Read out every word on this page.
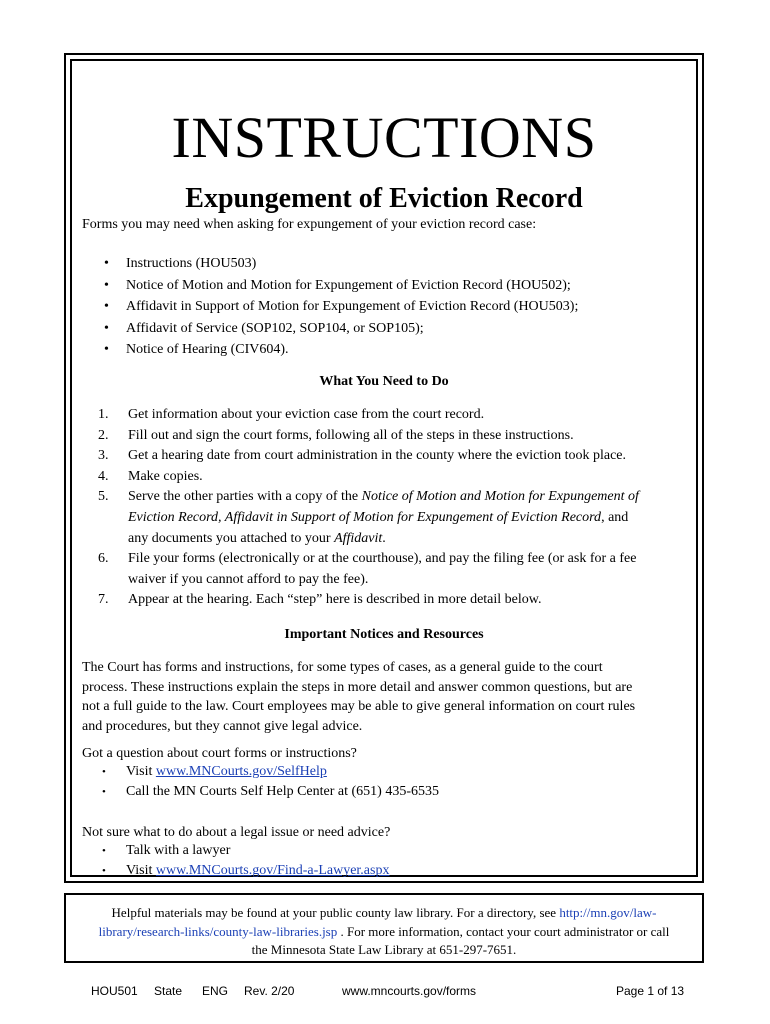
INSTRUCTIONS
Expungement of Eviction Record
Forms you may need when asking for expungement of your eviction record case:
• Instructions (HOU503)
• Notice of Motion and Motion for Expungement of Eviction Record (HOU502);
• Affidavit in Support of Motion for Expungement of Eviction Record (HOU503);
• Affidavit of Service (SOP102, SOP104, or SOP105);
• Notice of Hearing (CIV604).
What You Need to Do
1. Get information about your eviction case from the court record.
2. Fill out and sign the court forms, following all of the steps in these instructions.
3. Get a hearing date from court administration in the county where the eviction took place.
4. Make copies.
5. Serve the other parties with a copy of the Notice of Motion and Motion for Expungement of
Eviction Record, Affidavit in Support of Motion for Expungement of Eviction Record, and
any documents you attached to your Affidavit.
6. File your forms (electronically or at the courthouse), and pay the filing fee (or ask for a fee
waiver if you cannot afford to pay the fee).
7. Appear at the hearing. Each “step” here is described in more detail below.
Important Notices and Resources
The Court has forms and instructions, for some types of cases, as a general guide to the court
process. These instructions explain the steps in more detail and answer common questions, but are
not a full guide to the law. Court employees may be able to give general information on court rules
and procedures, but they cannot give legal advice.
Got a question about court forms or instructions?
• Visit www.MNCourts.gov/SelfHelp
• Call the MN Courts Self Help Center at (651) 435-6535
Not sure what to do about a legal issue or need advice?
• Talk with a lawyer
• Visit www.MNCourts.gov/Find-a-Lawyer.aspx
Helpful materials may be found at your public county law library. For a directory, see http://mn.gov/law-
library/research-links/county-law-libraries.jsp . For more information, contact your court administrator or call
the Minnesota State Law Library at 651-297-7651.
HOU501 State ENG Rev. 2/20	www.mncourts.gov/forms	Page 1 of 13
